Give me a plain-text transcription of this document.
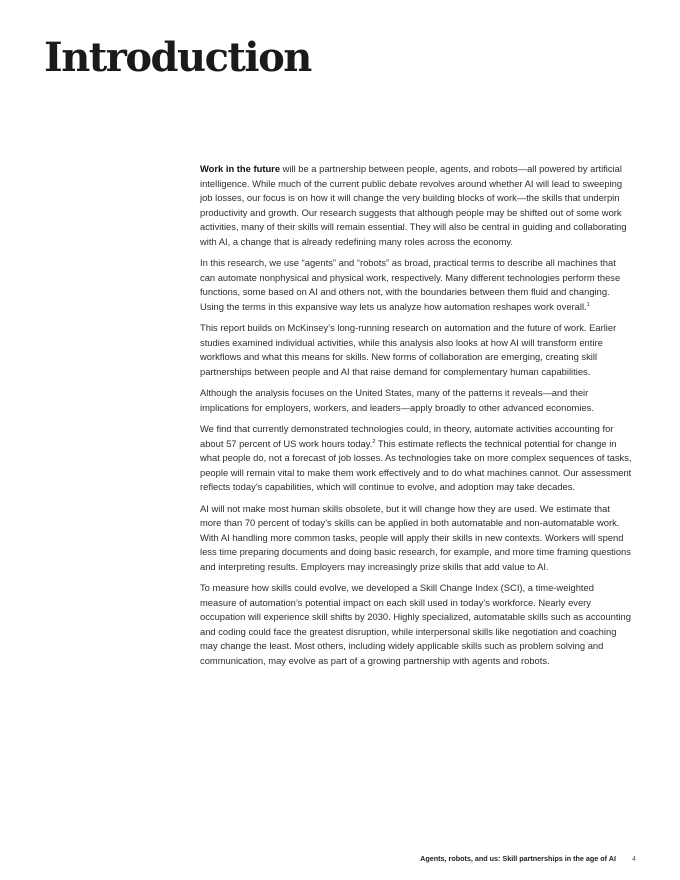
Introduction

Work in the future will be a partnership between people, agents, and robots—all powered by artificial intelligence. While much of the current public debate revolves around whether AI will lead to sweeping job losses, our focus is on how it will change the very building blocks of work—the skills that underpin productivity and growth. Our research suggests that although people may be shifted out of some work activities, many of their skills will remain essential. They will also be central in guiding and collaborating with AI, a change that is already redefining many roles across the economy.

In this research, we use “agents” and “robots” as broad, practical terms to describe all machines that can automate nonphysical and physical work, respectively. Many different technologies perform these functions, some based on AI and others not, with the boundaries between them fluid and changing. Using the terms in this expansive way lets us analyze how automation reshapes work overall.$^1$

This report builds on McKinsey’s long-running research on automation and the future of work. Earlier studies examined individual activities, while this analysis also looks at how AI will transform entire workflows and what this means for skills. New forms of collaboration are emerging, creating skill partnerships between people and AI that raise demand for complementary human capabilities.

Although the analysis focuses on the United States, many of the patterns it reveals—and their implications for employers, workers, and leaders—apply broadly to other advanced economies.

We find that currently demonstrated technologies could, in theory, automate activities accounting for about 57 percent of US work hours today.$^2$ This estimate reflects the technical potential for change in what people do, not a forecast of job losses. As technologies take on more complex sequences of tasks, people will remain vital to make them work effectively and to do what machines cannot. Our assessment reflects today’s capabilities, which will continue to evolve, and adoption may take decades.

AI will not make most human skills obsolete, but it will change how they are used. We estimate that more than 70 percent of today’s skills can be applied in both automatable and non-automatable work. With AI handling more common tasks, people will apply their skills in new contexts. Workers will spend less time preparing documents and doing basic research, for example, and more time framing questions and interpreting results. Employers may increasingly prize skills that add value to AI.

To measure how skills could evolve, we developed a Skill Change Index (SCI), a time-weighted measure of automation’s potential impact on each skill used in today’s workforce. Nearly every occupation will experience skill shifts by 2030. Highly specialized, automatable skills such as accounting and coding could face the greatest disruption, while interpersonal skills like negotiation and coaching may change the least. Most others, including widely applicable skills such as problem solving and communication, may evolve as part of a growing partnership with agents and robots.

Agents, robots, and us: Skill partnerships in the age of AI 4
